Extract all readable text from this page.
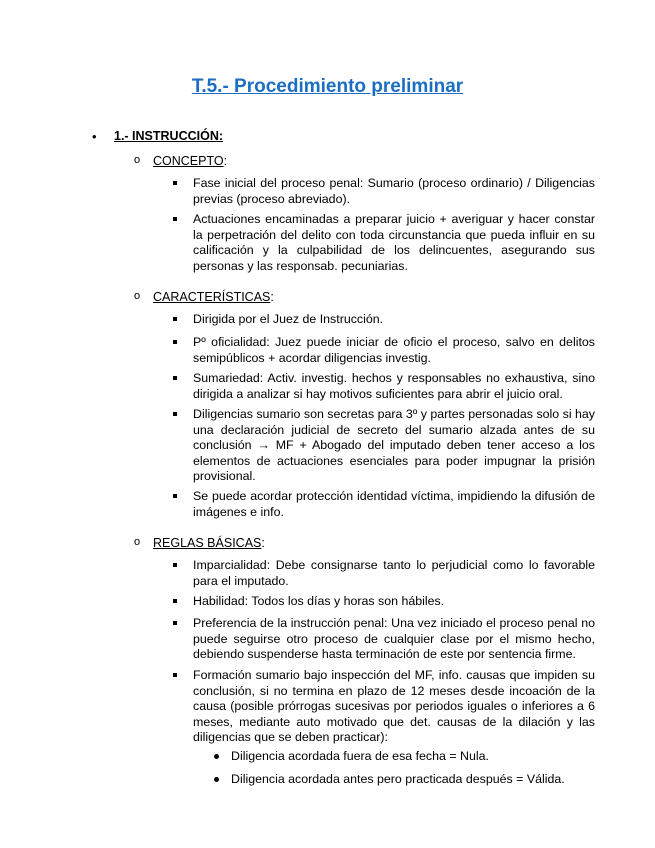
T.5.- Procedimiento preliminar
• 1.- INSTRUCCIÓN:
o CONCEPTO:
Fase inicial del proceso penal: Sumario (proceso ordinario) / Diligencias previas (proceso abreviado).
Actuaciones encaminadas a preparar juicio + averiguar y hacer constar la perpetración del delito con toda circunstancia que pueda influir en su calificación y la culpabilidad de los delincuentes, asegurando sus personas y las responsab. pecuniarias.
o CARACTERÍSTICAS:
Dirigida por el Juez de Instrucción.
Pº oficialidad: Juez puede iniciar de oficio el proceso, salvo en delitos semipúblicos + acordar diligencias investig.
Sumariedad: Activ. investig. hechos y responsables no exhaustiva, sino dirigida a analizar si hay motivos suficientes para abrir el juicio oral.
Diligencias sumario son secretas para 3º y partes personadas solo si hay una declaración judicial de secreto del sumario alzada antes de su conclusión → MF + Abogado del imputado deben tener acceso a los elementos de actuaciones esenciales para poder impugnar la prisión provisional.
Se puede acordar protección identidad víctima, impidiendo la difusión de imágenes e info.
o REGLAS BÁSICAS:
Imparcialidad: Debe consignarse tanto lo perjudicial como lo favorable para el imputado.
Habilidad: Todos los días y horas son hábiles.
Preferencia de la instrucción penal: Una vez iniciado el proceso penal no puede seguirse otro proceso de cualquier clase por el mismo hecho, debiendo suspenderse hasta terminación de este por sentencia firme.
Formación sumario bajo inspección del MF, info. causas que impiden su conclusión, si no termina en plazo de 12 meses desde incoación de la causa (posible prórrogas sucesivas por periodos iguales o inferiores a 6 meses, mediante auto motivado que det. causas de la dilación y las diligencias que se deben practicar):
Diligencia acordada fuera de esa fecha = Nula.
Diligencia acordada antes pero practicada después = Válida.
